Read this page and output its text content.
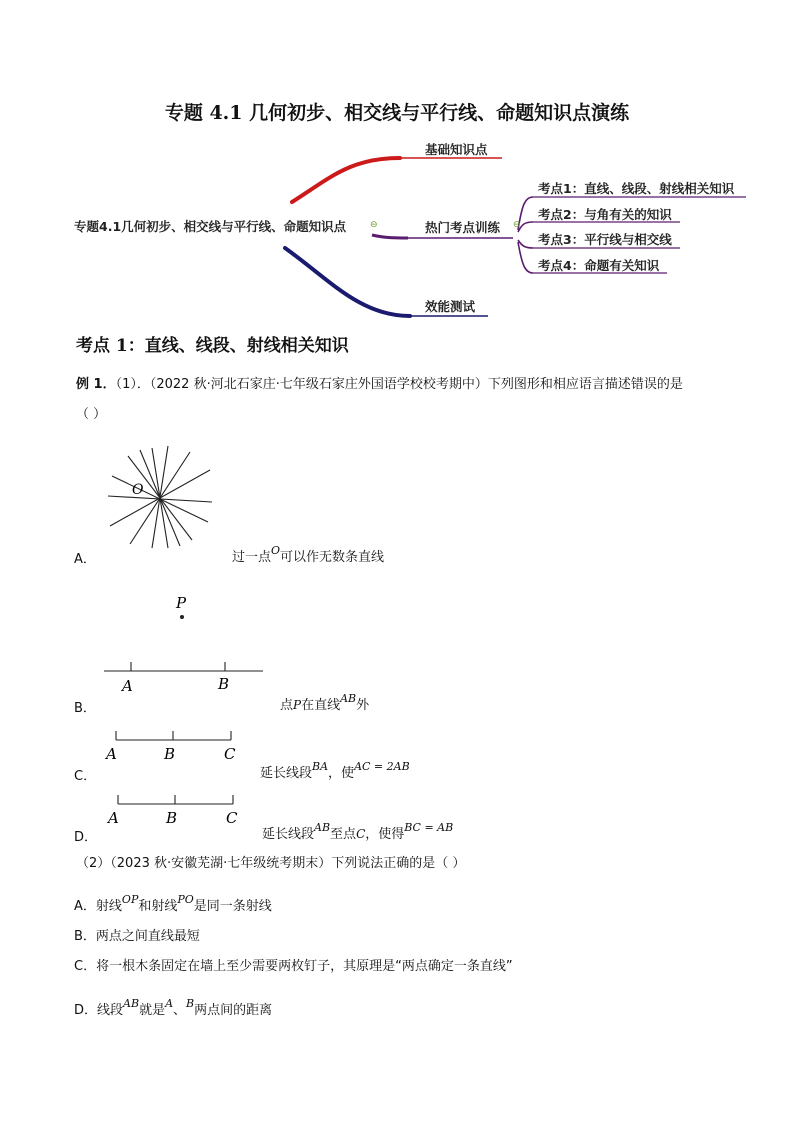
专题 4.1 几何初步、相交线与平行线、命题知识点演练
专题4.1几何初步、相交线与平行线、命题知识点	⊖
基础知识点
热门考点训练 ⊖
效能测试
考点1：直线、线段、射线相关知识
考点2：与角有关的知识
考点3：平行线与相交线
考点4：命题有关知识
考点 1：直线、线段、射线相关知识
例 1．（1）．（2022 秋·河北石家庄·七年级石家庄外国语学校校考期中）下列图形和相应语言描述错误的是
（ ）
O
A．	过一点$^O$可以作无数条直线
P
A	B
B．	点P在直线$^{AB}$外
A	B	C
C．	延长线段$^{BA}$，使$^{AC = 2AB}$
A	B	C
D．	延长线段$^{AB}$至点C，使得$^{BC = AB}$
（2）（2023 秋·安徽芜湖·七年级统考期末）下列说法正确的是（ ）
A．射线$^{OP}$和射线$^{PO}$是同一条射线
B．两点之间直线最短
C．将一根木条固定在墙上至少需要两枚钉子，其原理是“两点确定一条直线”
D．线段$^{AB}$就是$^A$、$^B$两点间的距离
